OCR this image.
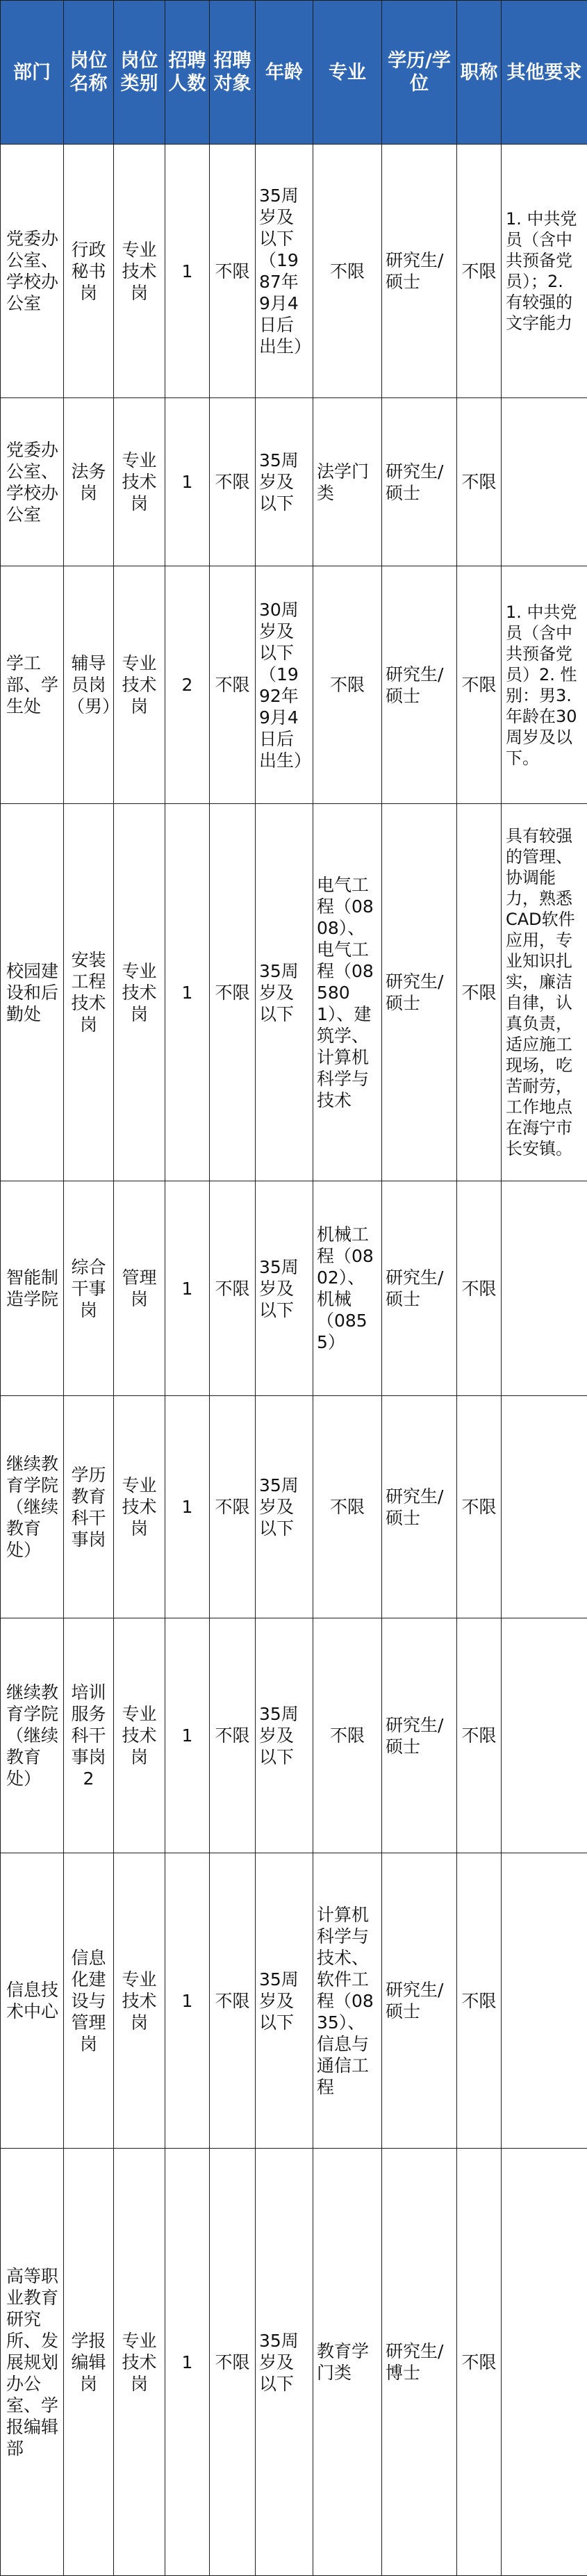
部门	岗位名称	岗位类别	招聘人数	招聘对象	年龄	专业	学历/学位	职称	其他要求
党委办公室、学校办公室	行政秘书岗	专业技术岗	1	不限	35周岁及以下（1987年9月4日后出生）	不限	研究生/硕士	不限	1. 中共党员（含中共预备党员）；2. 有较强的文字能力
党委办公室、学校办公室	法务岗	专业技术岗	1	不限	35周岁及以下	法学门类	研究生/硕士	不限	
学工部、学生处	辅导员岗（男）	专业技术岗	2	不限	30周岁及以下（1992年9月4日后出生）	不限	研究生/硕士	不限	1. 中共党员（含中共预备党员）2. 性别：男3. 年龄在30周岁及以下。
校园建设和后勤处	安装工程技术岗	专业技术岗	1	不限	35周岁及以下	电气工程（0808）、电气工程（085801）、建筑学、计算机科学与技术	研究生/硕士	不限	具有较强的管理、协调能力，熟悉CAD软件应用，专业知识扎实，廉洁自律，认真负责，适应施工现场，吃苦耐劳，工作地点在海宁市长安镇。
智能制造学院	综合干事岗	管理岗	1	不限	35周岁及以下	机械工程（0802）、机械（0855）	研究生/硕士	不限	
继续教育学院（继续教育处）	学历教育科干事岗	专业技术岗	1	不限	35周岁及以下	不限	研究生/硕士	不限	
继续教育学院（继续教育处）	培训服务科干事岗2	专业技术岗	1	不限	35周岁及以下	不限	研究生/硕士	不限	
信息技术中心	信息化建设与管理岗	专业技术岗	1	不限	35周岁及以下	计算机科学与技术、软件工程（0835）、信息与通信工程	研究生/硕士	不限	
高等职业教育研究所、发展规划办公室、学报编辑部	学报编辑岗	专业技术岗	1	不限	35周岁及以下	教育学门类	研究生/博士	不限	
